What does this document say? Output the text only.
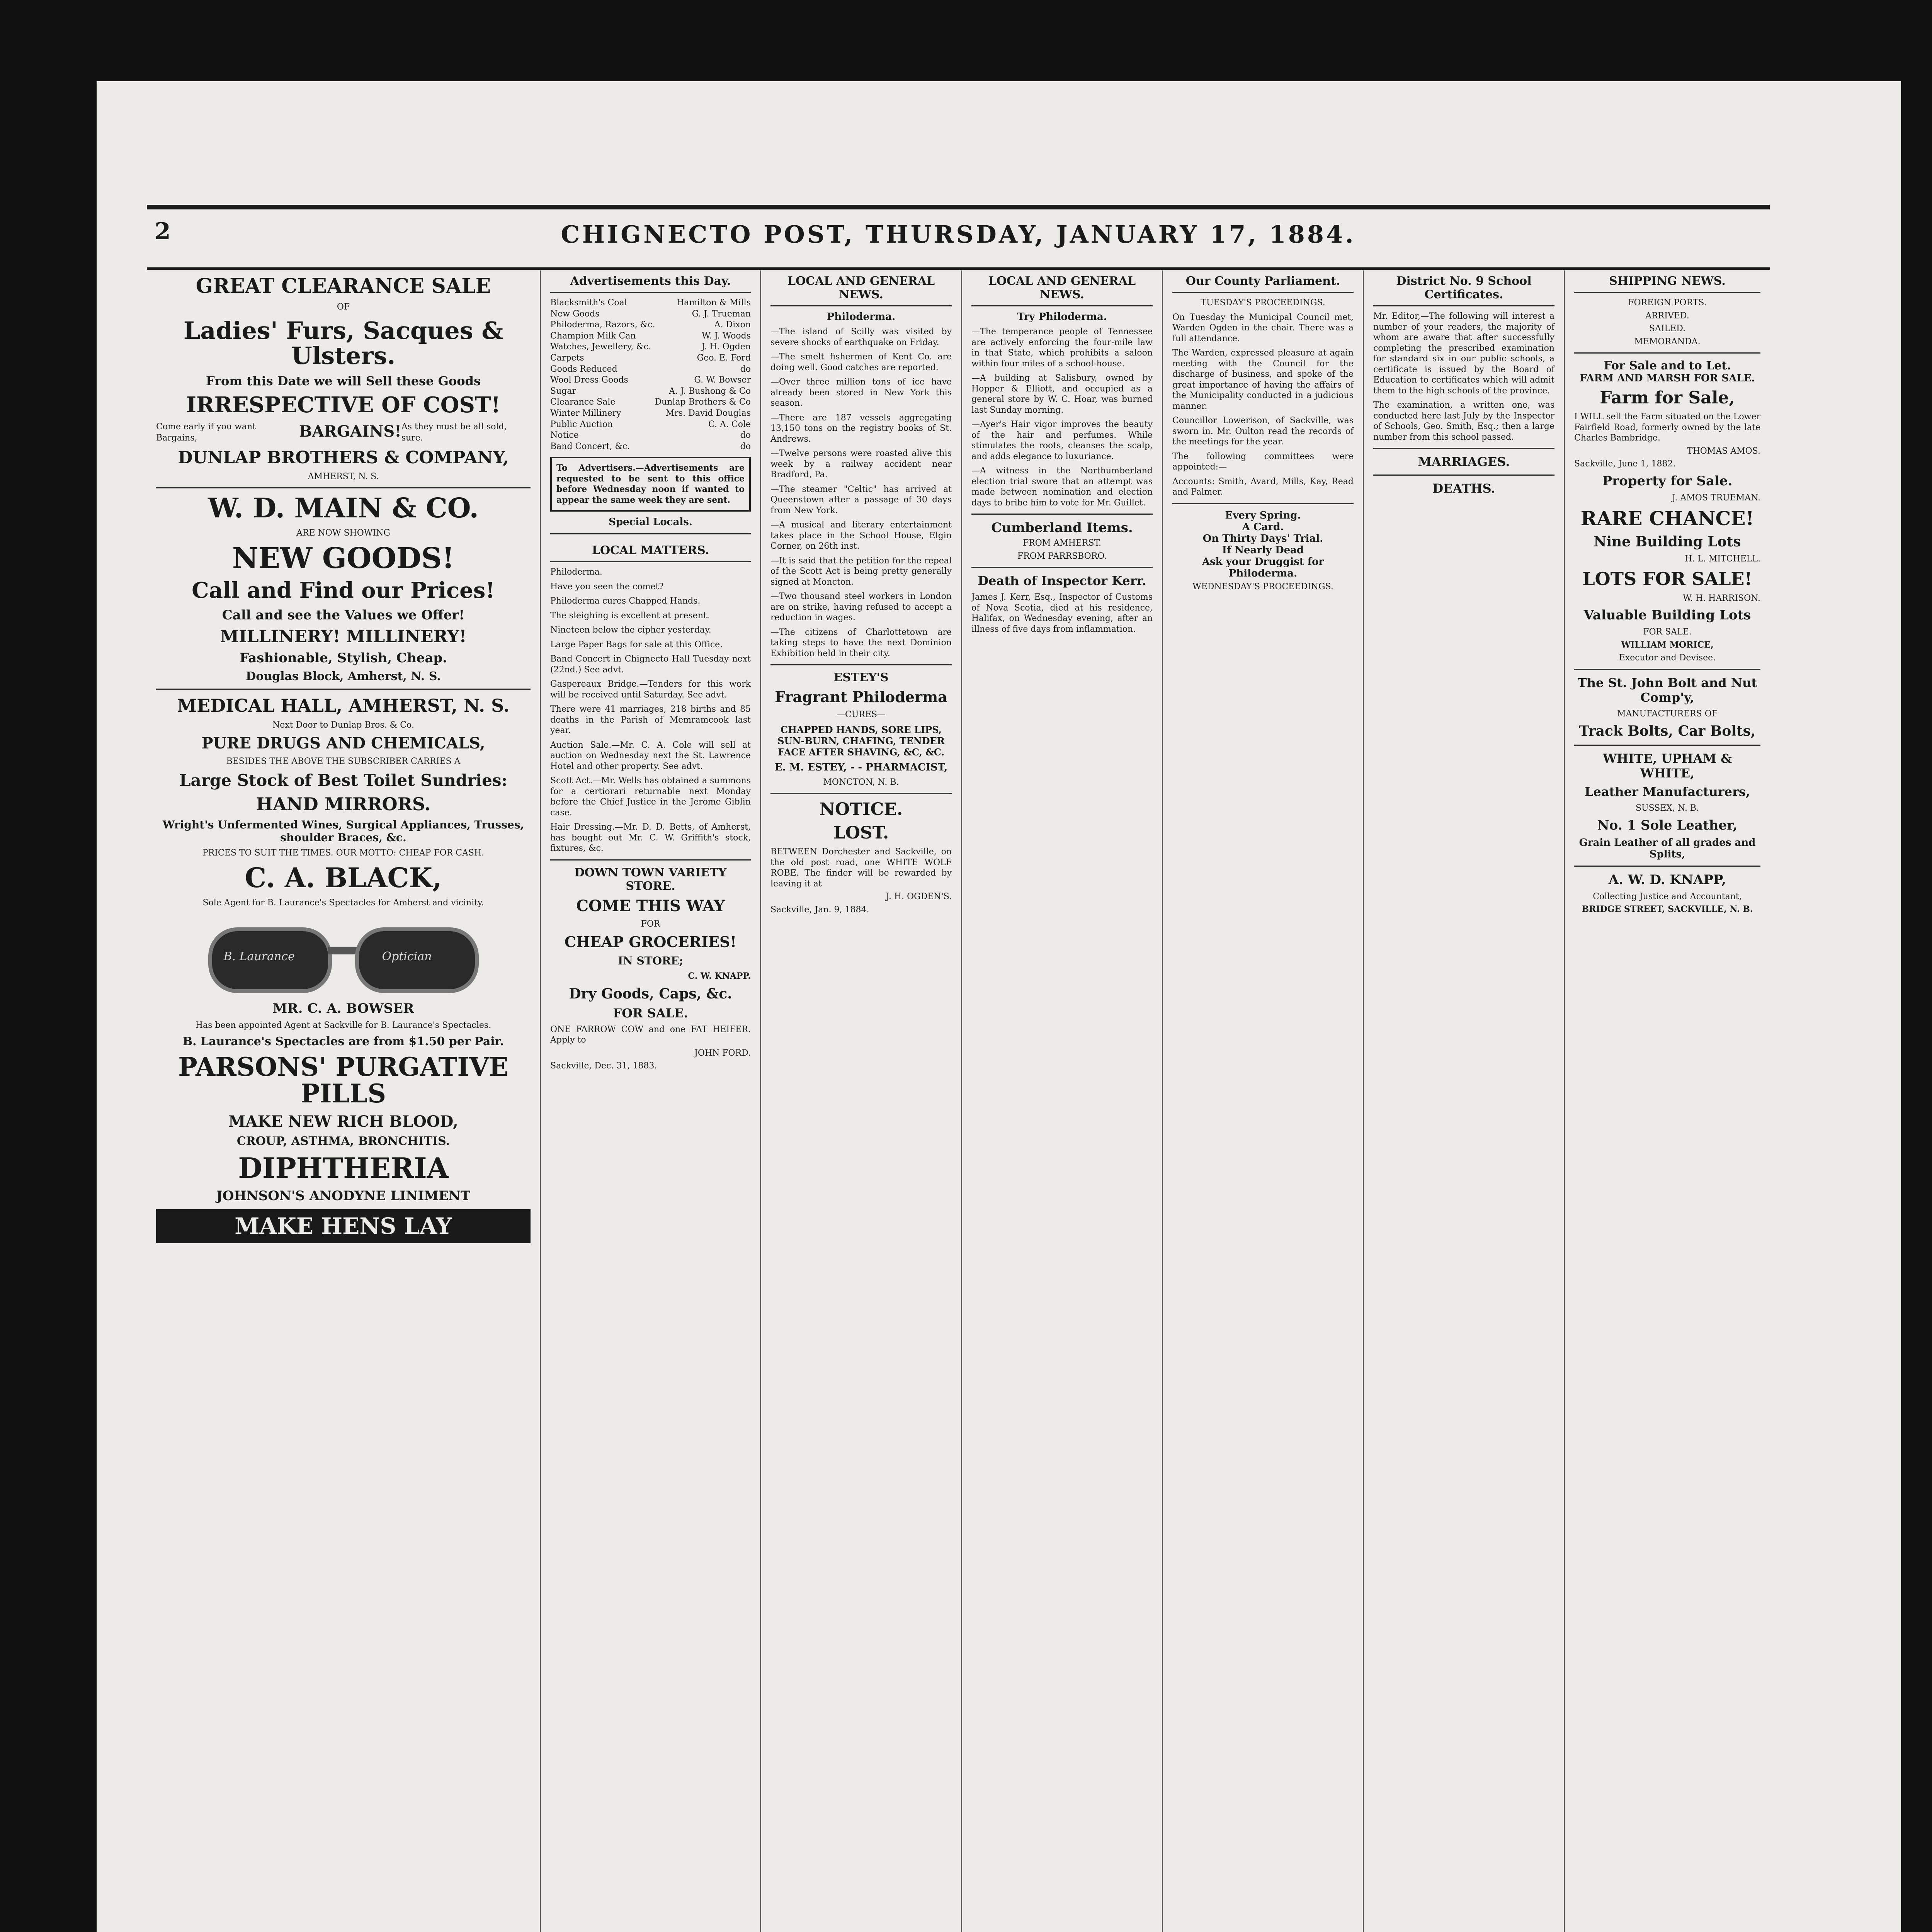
2	CHIGNECTO POST, THURSDAY, JANUARY 17, 1884.
GREAT CLEARANCE SALE
OF
Ladies' Furs, Sacques & Ulsters.
From this Date we will Sell these Goods
IRRESPECTIVE OF COST!
Come early if you want Bargains,	BARGAINS! As they must be all sold, sure.
DUNLAP BROTHERS & COMPANY,
AMHERST, N. S.
W. D. MAIN & CO.
ARE NOW SHOWING
NEW GOODS!
Call and Find our Prices!
Call and see the Values we Offer!
MILLINERY! MILLINERY!
Fashionable, Stylish, Cheap.
Douglas Block, Amherst, N. S.
MEDICAL HALL, AMHERST, N. S.
Next Door to Dunlap Bros. & Co.
PURE DRUGS AND CHEMICALS,
BESIDES THE ABOVE THE SUBSCRIBER CARRIES A
Large Stock of Best Toilet Sundries:
HAND MIRRORS.
Wright's Unfermented Wines, Surgical Appliances, Trusses, shoulder Braces, &c.
PRICES TO SUIT THE TIMES. OUR MOTTO: CHEAP FOR CASH.
C. A. BLACK,
Sole Agent for B. Laurance's Spectacles for Amherst and vicinity.
B. Laurance	Optician
MR. C. A. BOWSER
Has been appointed Agent at Sackville for B. Laurance's Spectacles.
B. Laurance's Spectacles are from $1.50 per Pair.
PARSONS' PURGATIVE PILLS
MAKE NEW RICH BLOOD,
CROUP, ASTHMA, BRONCHITIS.
DIPHTHERIA
JOHNSON'S ANODYNE LINIMENT
MAKE HENS LAY
Advertisements this Day.
Blacksmith's Coal	Hamilton & Mills
New Goods	G. J. Trueman
Philoderma, Razors, &c.	A. Dixon
Champion Milk Can	W. J. Woods
Watches, Jewellery, &c.	J. H. Ogden
Carpets	Geo. E. Ford
Goods Reduced	do
Wool Dress Goods	G. W. Bowser
Sugar	A. J. Bushong & Co
Clearance Sale	Dunlap Brothers & Co
Winter Millinery	Mrs. David Douglas
Public Auction	C. A. Cole
Notice	do
Band Concert, &c.	do
To Advertisers.—Advertisements are requested to be sent to this office before Wednesday noon if wanted to appear the same week they are sent.
Special Locals.
LOCAL MATTERS.
Philoderma.
Have you seen the comet?
Philoderma cures Chapped Hands.
The sleighing is excellent at present.
Nineteen below the cipher yesterday.
Large Paper Bags for sale at this Office.
Band Concert in Chignecto Hall Tuesday next (22nd.) See advt.
Gaspereaux Bridge.—Tenders for this work will be received until Saturday. See advt.
There were 41 marriages, 218 births and 85 deaths in the Parish of Memramcook last year.
Auction Sale.—Mr. C. A. Cole will sell at auction on Wednesday next the St. Lawrence Hotel and other property. See advt.
Scott Act.—Mr. Wells has obtained a summons for a certiorari returnable next Monday before the Chief Justice in the Jerome Giblin case.
Hair Dressing.—Mr. D. D. Betts, of Amherst, has bought out Mr. C. W. Griffith's stock, fixtures, &c.
DOWN TOWN VARIETY STORE.
COME THIS WAY
FOR
CHEAP GROCERIES!
IN STORE;
C. W. KNAPP.
Dry Goods, Caps, &c.
FOR SALE.
ONE FARROW COW and one FAT HEIFER. Apply to
JOHN FORD.
Sackville, Dec. 31, 1883.
LOCAL AND GENERAL NEWS.
Philoderma.
—The island of Scilly was visited by severe shocks of earthquake on Friday.
—The smelt fishermen of Kent Co. are doing well. Good catches are reported.
—Over three million tons of ice have already been stored in New York this season.
—There are 187 vessels aggregating 13,150 tons on the registry books of St. Andrews.
—Twelve persons were roasted alive this week by a railway accident near Bradford, Pa.
—The steamer "Celtic" has arrived at Queenstown after a passage of 30 days from New York.
—A musical and literary entertainment takes place in the School House, Elgin Corner, on 26th inst.
—It is said that the petition for the repeal of the Scott Act is being pretty generally signed at Moncton.
—Two thousand steel workers in London are on strike, having refused to accept a reduction in wages.
—The citizens of Charlottetown are taking steps to have the next Dominion Exhibition held in their city.
ESTEY'S
Fragrant Philoderma
—CURES—
CHAPPED HANDS, SORE LIPS, SUN-BURN, CHAFING, TENDER FACE AFTER SHAVING, &C, &C.
E. M. ESTEY, - - PHARMACIST,
MONCTON, N. B.
NOTICE.
LOST.
BETWEEN Dorchester and Sackville, on the old post road, one WHITE WOLF ROBE. The finder will be rewarded by leaving it at
J. H. OGDEN'S.
Sackville, Jan. 9, 1884.
LOCAL AND GENERAL NEWS.
Try Philoderma.
—The temperance people of Tennessee are actively enforcing the four-mile law in that State, which prohibits a saloon within four miles of a school-house.
—A building at Salisbury, owned by Hopper & Elliott, and occupied as a general store by W. C. Hoar, was burned last Sunday morning.
—Ayer's Hair vigor improves the beauty of the hair and perfumes. While stimulates the roots, cleanses the scalp, and adds elegance to luxuriance.
—A witness in the Northumberland election trial swore that an attempt was made between nomination and election days to bribe him to vote for Mr. Guillet.
Cumberland Items.
FROM AMHERST.
FROM PARRSBORO.
Death of Inspector Kerr.
James J. Kerr, Esq., Inspector of Customs of Nova Scotia, died at his residence, Halifax, on Wednesday evening, after an illness of five days from inflammation.
Our County Parliament.
TUESDAY'S PROCEEDINGS.
On Tuesday the Municipal Council met, Warden Ogden in the chair. There was a full attendance.
The Warden, expressed pleasure at again meeting with the Council for the discharge of business, and spoke of the great importance of having the affairs of the Municipality conducted in a judicious manner.
Councillor Lowerison, of Sackville, was sworn in. Mr. Oulton read the records of the meetings for the year.
The following committees were appointed:—
Accounts: Smith, Avard, Mills, Kay, Read and Palmer.
Every Spring.
A Card.
On Thirty Days' Trial.
If Nearly Dead
Ask your Druggist for Philoderma.
WEDNESDAY'S PROCEEDINGS.
District No. 9 School Certificates.
Mr. Editor,—The following will interest a number of your readers, the majority of whom are aware that after successfully completing the prescribed examination for standard six in our public schools, a certificate is issued by the Board of Education to certificates which will admit them to the high schools of the province.
The examination, a written one, was conducted here last July by the Inspector of Schools, Geo. Smith, Esq.; then a large number from this school passed.
MARRIAGES.
DEATHS.
SHIPPING NEWS.
FOREIGN PORTS.
ARRIVED.
SAILED.
MEMORANDA.
For Sale and to Let.
FARM AND MARSH FOR SALE.
Farm for Sale,
I WILL sell the Farm situated on the Lower Fairfield Road, formerly owned by the late Charles Bambridge.
THOMAS AMOS.
Sackville, June 1, 1882.
Property for Sale.
J. AMOS TRUEMAN.
RARE CHANCE!
Nine Building Lots
H. L. MITCHELL.
LOTS FOR SALE!
W. H. HARRISON.
Valuable Building Lots
FOR SALE.
WILLIAM MORICE,
Executor and Devisee.
The St. John Bolt and Nut Comp'y,
MANUFACTURERS OF
Track Bolts, Car Bolts,
WHITE, UPHAM & WHITE,
Leather Manufacturers,
SUSSEX, N. B.
No. 1 Sole Leather,
Grain Leather of all grades and Splits,
A. W. D. KNAPP,
Collecting Justice and Accountant,
BRIDGE STREET, SACKVILLE, N. B.
